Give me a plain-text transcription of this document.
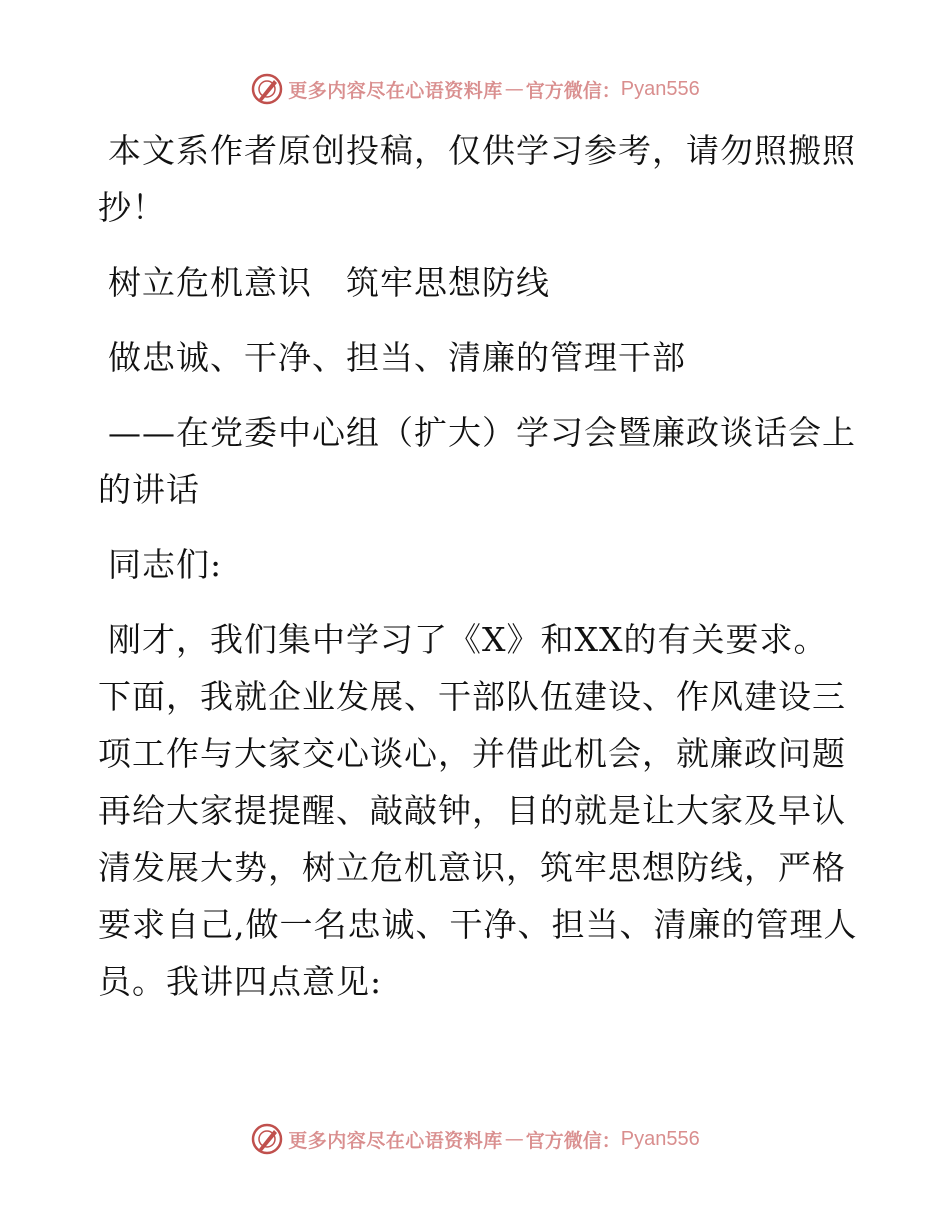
更多内容尽在心语资料库 — 官方微信： Pyan556

本文系作者原创投稿，仅供学习参考，请勿照搬照抄！

树立危机意识　筑牢思想防线

做忠诚、干净、担当、清廉的管理干部

——在党委中心组（扩大）学习会暨廉政谈话会上的讲话

同志们:

刚才，我们集中学习了《X》和XX的有关要求。下面，我就企业发展、干部队伍建设、作风建设三项工作与大家交心谈心，并借此机会，就廉政问题再给大家提提醒、敲敲钟，目的就是让大家及早认清发展大势，树立危机意识，筑牢思想防线，严格要求自己,做一名忠诚、干净、担当、清廉的管理人员。我讲四点意见:

更多内容尽在心语资料库 — 官方微信： Pyan556
